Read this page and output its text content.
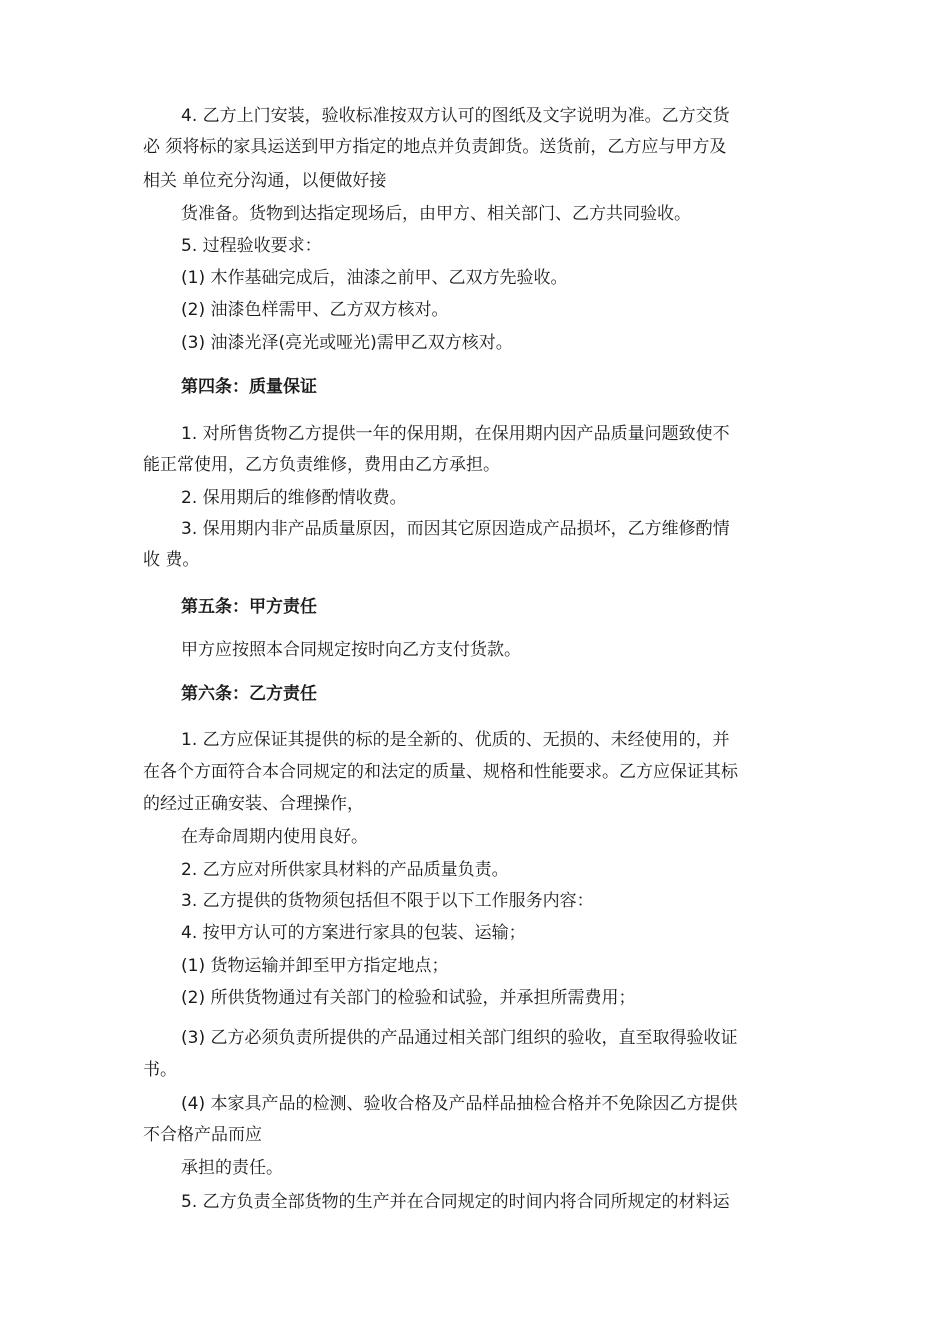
4. 乙方上门安装，验收标准按双方认可的图纸及文字说明为准。乙方交货
必 须将标的家具运送到甲方指定的地点并负责卸货。送货前，乙方应与甲方及
相关 单位充分沟通，以便做好接
货准备。货物到达指定现场后，由甲方、相关部门、乙方共同验收。
5. 过程验收要求：
(1) 木作基础完成后，油漆之前甲、乙双方先验收。
(2) 油漆色样需甲、乙方双方核对。
(3) 油漆光泽(亮光或哑光)需甲乙双方核对。
第四条：质量保证
1. 对所售货物乙方提供一年的保用期，在保用期内因产品质量问题致使不
能正常使用，乙方负责维修，费用由乙方承担。
2. 保用期后的维修酌情收费。
3. 保用期内非产品质量原因，而因其它原因造成产品损坏，乙方维修酌情
收 费。
第五条：甲方责任
甲方应按照本合同规定按时向乙方支付货款。
第六条：乙方责任
1. 乙方应保证其提供的标的是全新的、优质的、无损的、未经使用的，并
在各个方面符合本合同规定的和法定的质量、规格和性能要求。乙方应保证其标
的经过正确安装、合理操作，
在寿命周期内使用良好。
2. 乙方应对所供家具材料的产品质量负责。
3. 乙方提供的货物须包括但不限于以下工作服务内容：
4. 按甲方认可的方案进行家具的包装、运输；
(1) 货物运输并卸至甲方指定地点；
(2) 所供货物通过有关部门的检验和试验，并承担所需费用；
(3) 乙方必须负责所提供的产品通过相关部门组织的验收，直至取得验收证
书。
(4) 本家具产品的检测、验收合格及产品样品抽检合格并不免除因乙方提供
不合格产品而应
承担的责任。
5. 乙方负责全部货物的生产并在合同规定的时间内将合同所规定的材料运
